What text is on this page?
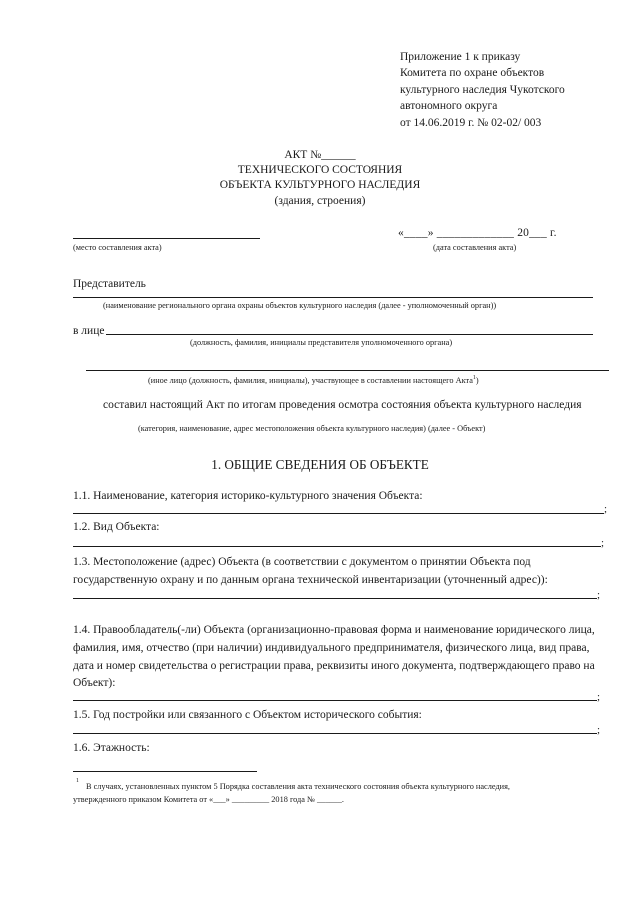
Приложение 1 к приказу
Комитета по охране объектов
культурного наследия Чукотского
автономного округа
от 14.06.2019 г. № 02-02/ 003
АКТ №______
ТЕХНИЧЕСКОГО СОСТОЯНИЯ
ОБЪЕКТА КУЛЬТУРНОГО НАСЛЕДИЯ
(здания, строения)
(место составления акта)
«____» _____________ 20___ г.
(дата составления акта)
Представитель
(наименование регионального органа охраны объектов культурного наследия (далее - уполномоченный орган))
в лице
(должность, фамилия, инициалы представителя уполномоченного органа)
(иное лицо (должность, фамилия, инициалы), участвующее в составлении настоящего Акта$^1$)
составил настоящий Акт по итогам проведения осмотра состояния объекта культурного наследия
(категория, наименование, адрес местоположения объекта культурного наследия) (далее - Объект)
1. ОБЩИЕ СВЕДЕНИЯ ОБ ОБЪЕКТЕ
1.1. Наименование, категория историко-культурного значения Объекта:
;
1.2. Вид Объекта:
;
1.3. Местоположение (адрес) Объекта (в соответствии с документом о принятии Объекта под
государственную охрану и по данным органа технической инвентаризации (уточненный адрес)):
;
1.4. Правообладатель(-ли) Объекта (организационно-правовая форма и наименование юридического лица,
фамилия, имя, отчество (при наличии) индивидуального предпринимателя, физического лица, вид права,
дата и номер свидетельства о регистрации права, реквизиты иного документа, подтверждающего право на
Объект):
;
1.5. Год постройки или связанного с Объектом исторического события:
;
1.6. Этажность:
1
В случаях, установленных пунктом 5 Порядка составления акта технического состояния объекта культурного наследия,
утвержденного приказом Комитета от «___» _________ 2018 года № ______.
